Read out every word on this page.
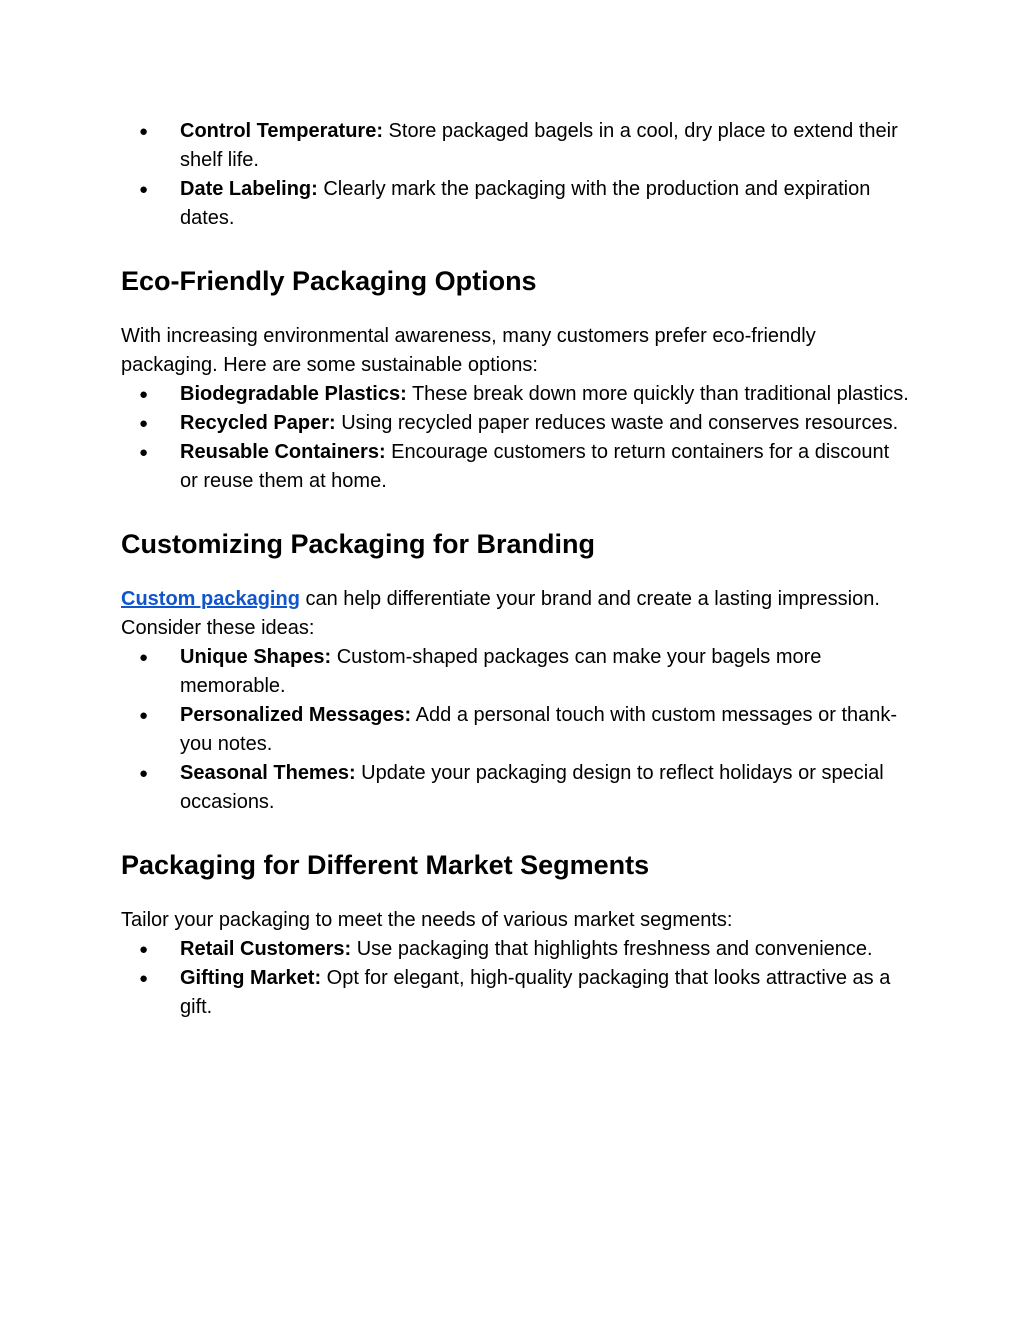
● Control Temperature: Store packaged bagels in a cool, dry place to extend their shelf life.
● Date Labeling: Clearly mark the packaging with the production and expiration dates.
Eco-Friendly Packaging Options

With increasing environmental awareness, many customers prefer eco-friendly packaging. Here are some sustainable options:

● Biodegradable Plastics: These break down more quickly than traditional plastics.
● Recycled Paper: Using recycled paper reduces waste and conserves resources.
● Reusable Containers: Encourage customers to return containers for a discount or reuse them at home.
Customizing Packaging for Branding

Custom packaging can help differentiate your brand and create a lasting impression. Consider these ideas:

● Unique Shapes: Custom-shaped packages can make your bagels more memorable.
● Personalized Messages: Add a personal touch with custom messages or thank-you notes.
● Seasonal Themes: Update your packaging design to reflect holidays or special occasions.
Packaging for Different Market Segments

Tailor your packaging to meet the needs of various market segments:

● Retail Customers: Use packaging that highlights freshness and convenience.
● Gifting Market: Opt for elegant, high-quality packaging that looks attractive as a gift.
